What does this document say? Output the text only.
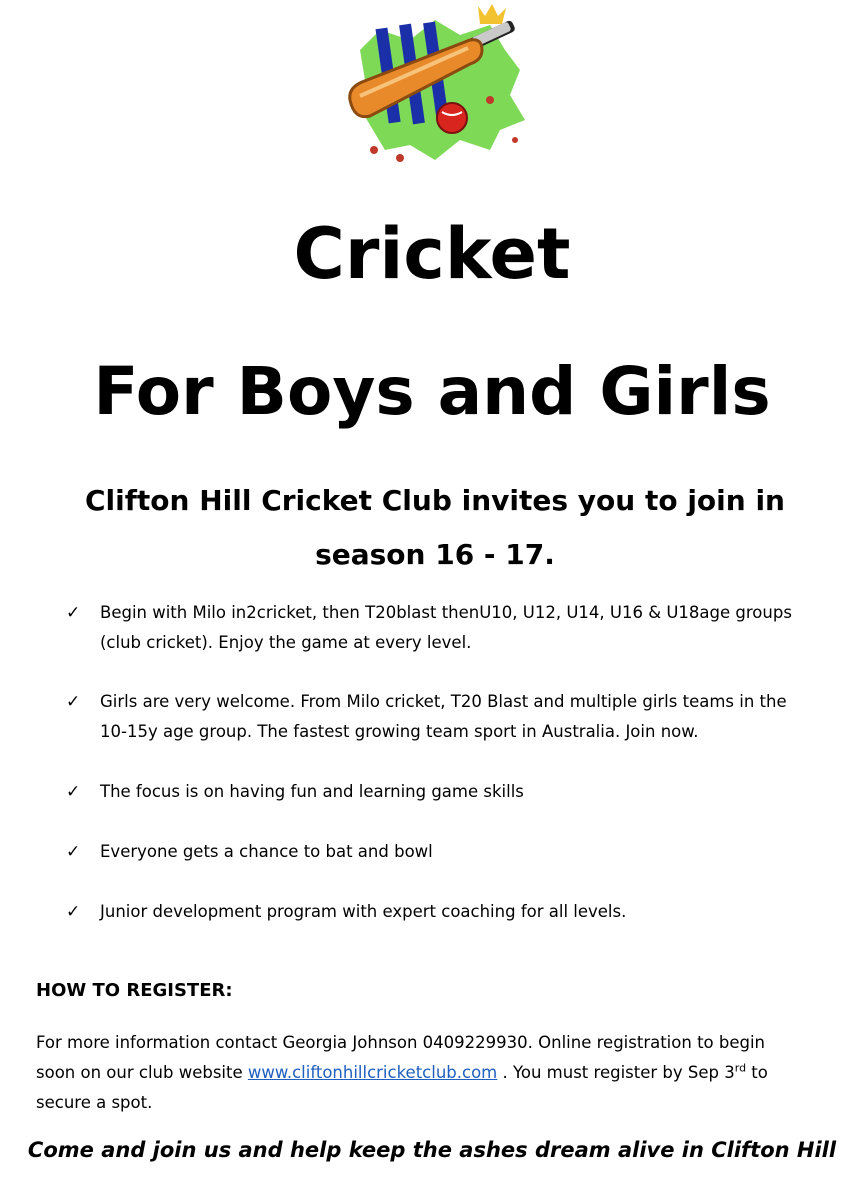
Cricket
For Boys and Girls

Clifton Hill Cricket Club invites you to join in season 16 - 17.

✓ Begin with Milo in2cricket, then T20blast thenU10, U12, U14, U16 & U18age groups
(club cricket). Enjoy the game at every level.
✓ Girls are very welcome. From Milo cricket, T20 Blast and multiple girls teams in the
10-15y age group. The fastest growing team sport in Australia. Join now.
✓ The focus is on having fun and learning game skills
✓ Everyone gets a chance to bat and bowl
✓ Junior development program with expert coaching for all levels.
HOW TO REGISTER:

For more information contact Georgia Johnson 0409229930. Online registration to begin
soon on our club website www.cliftonhillcricketclub.com . You must register by Sep 3rd to
secure a spot.

Come and join us and help keep the ashes dream alive in Clifton Hill
